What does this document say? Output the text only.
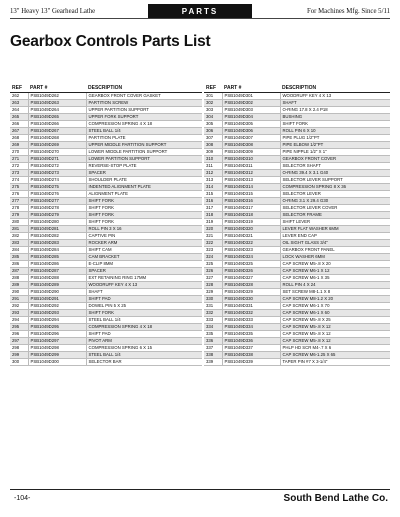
13" Heavy 13" Gearhead Lathe	PARTS	For Machines Mfg. Since 5/11
Gearbox Controls Parts List
REF	PART #	DESCRIPTION
262	PSB1049D262	GEARBOX FRONT COVER GASKET
263	PSB1049D263	PARTITION SCREW
264	PSB1049D264	UPPER PARTITION SUPPORT
265	PSB1049D265	UPPER FORK SUPPORT
266	PSB1049D266	COMPRESSION SPRING 4 X 18
267	PSB1049D267	STEEL BALL 1/4
268	PSB1049D268	PARTITION PLATE
269	PSB1049D269	UPPER MIDDLE PARTITION SUPPORT
270	PSB1049D270	LOWER MIDDLE PARTITION SUPPORT
271	PSB1049D271	LOWER PARTITION SUPPORT
272	PSB1049D272	REVERSE-STOP PLATE
273	PSB1049D273	SPACER
274	PSB1049D274	SHOULDER PLATE
275	PSB1049D275	INDENTED ALIGNMENT PLATE
276	PSB1049D276	ALIGNMENT PLATE
277	PSB1049D277	SHIFT FORK
278	PSB1049D278	SHIFT FORK
279	PSB1049D279	SHIFT FORK
280	PSB1049D280	SHIFT FORK
281	PSB1049D281	ROLL PIN 3 X 16
282	PSB1049D282	CAPTIVE PIN
283	PSB1049D283	ROCKER ARM
284	PSB1049D284	SHIFT CAM
285	PSB1049D285	CAM BRACKET
286	PSB1049D286	E-CLIP 8MM
287	PSB1049D287	SPACER
288	PSB1049D288	EXT RETAINING RING 17MM
289	PSB1049D289	WOODRUFF KEY 4 X 13
290	PSB1049D290	SHAFT
291	PSB1049D291	SHIFT PAD
292	PSB1049D292	DOWEL PIN 5 X 25
293	PSB1049D293	SHIFT FORK
294	PSB1049D294	STEEL BALL 1/4
295	PSB1049D295	COMPRESSION SPRING 4 X 18
296	PSB1049D296	SHIFT PAD
297	PSB1049D297	PIVOT ARM
298	PSB1049D298	COMPRESSION SPRING 6 X 15
299	PSB1049D299	STEEL BALL 1/4
300	PSB1049D300	SELECTOR BAR
REF	PART #	DESCRIPTION
301	PSB1049D301	WOODRUFF KEY 4 X 13
302	PSB1049D302	SHAFT
303	PSB1049D303	O-RING 17.8 X 2.4 P18
304	PSB1049D304	BUSHING
305	PSB1049D305	SHIFT FORK
306	PSB1049D306	ROLL PIN 6 X 10
307	PSB1049D307	PIPE PLUG 1/2"PT
308	PSB1049D308	PIPE ELBOW 1/2"PT
309	PSB1049D309	PIPE NIPPLE 1/2" X 1"
310	PSB1049D310	GEARBOX FRONT COVER
311	PSB1049D311	SELECTOR SHAFT
312	PSB1049D312	O-RING 39.4 X 3.1 G40
313	PSB1049D313	SELECTOR LEVER SUPPORT
314	PSB1049D314	COMPRESSION SPRING 8 X 36
315	PSB1049D315	SELECTOR LEVER
316	PSB1049D316	O-RING 3.1 X 29.4 G30
317	PSB1049D317	SELECTOR LEVER COVER
318	PSB1049D318	SELECTOR FRAME
319	PSB1049D319	SHIFT LEVER
320	PSB1049D320	LEVER FLAT WASHER 6MM
321	PSB1049D321	LEVER END CAP
322	PSB1049D322	OIL SIGHT GLASS 3/4"
323	PSB1049D323	GEARBOX FRONT PANEL
324	PSB1049D324	LOCK WASHER 6MM
325	PSB1049D325	CAP SCREW M5-.8 X 20
326	PSB1049D326	CAP SCREW M6-1 X 12
327	PSB1049D327	CAP SCREW M6-1 X 35
328	PSB1049D328	ROLL PIN 4 X 24
329	PSB1049D329	SET SCREW M8-1.1 X 8
330	PSB1049D330	CAP SCREW M8-1.2 X 20
331	PSB1049D331	CAP SCREW M6-1 X 70
332	PSB1049D332	CAP SCREW M6-1 X 60
333	PSB1049D333	CAP SCREW M5-.8 X 25
334	PSB1049D334	CAP SCREW M5-.8 X 12
335	PSB1049D335	CAP SCREW M5-.8 X 12
336	PSB1049D336	CAP SCREW M5-.8 X 12
337	PSB1049D337	PHLP HD SCR M4-.7 X 6
338	PSB1049D338	CAP SCREW M6-1.25 X 65
339	PSB1049D339	TAPER PIN #7 X 3-1/4"
-104-	South Bend Lathe Co.
